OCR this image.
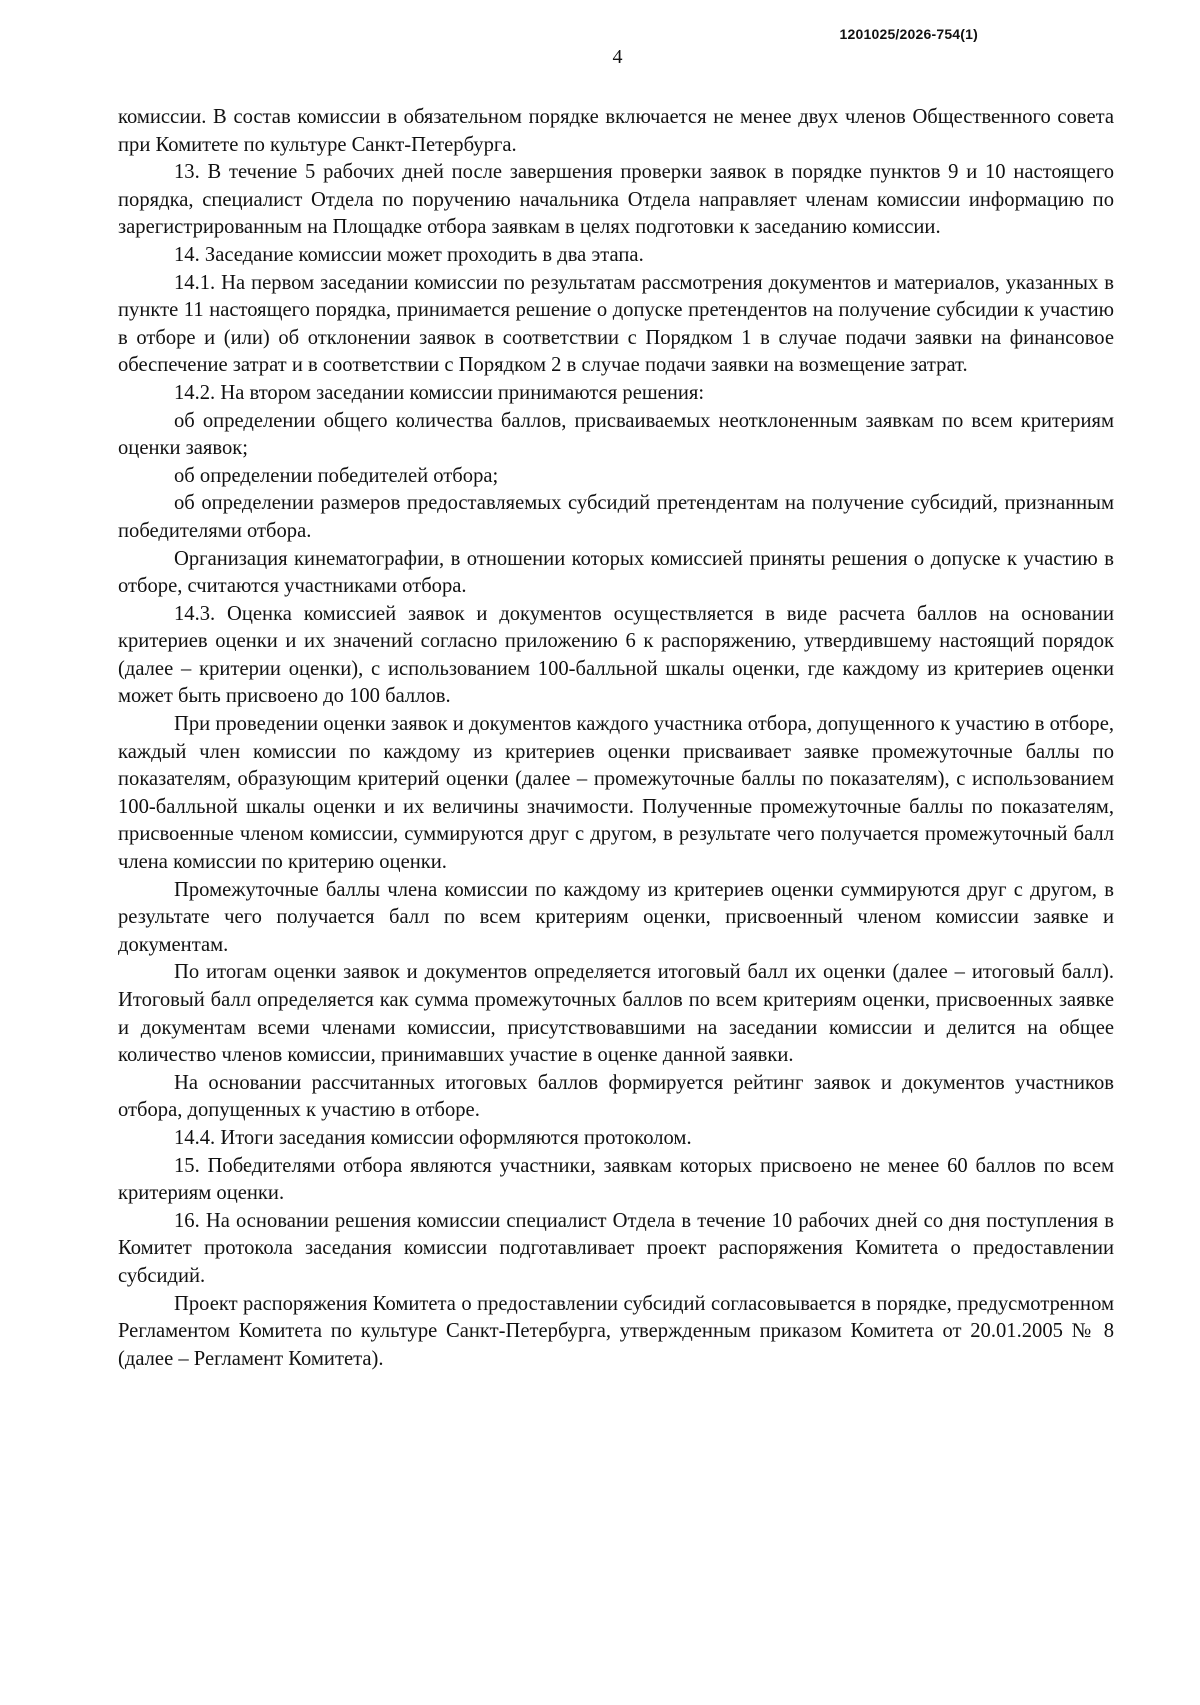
1201025/2026-754(1)
4

комиссии. В состав комиссии в обязательном порядке включается не менее двух членов Общественного совета при Комитете по культуре Санкт-Петербурга.

13. В течение 5 рабочих дней после завершения проверки заявок в порядке пунктов 9 и 10 настоящего порядка, специалист Отдела по поручению начальника Отдела направляет членам комиссии информацию по зарегистрированным на Площадке отбора заявкам в целях подготовки к заседанию комиссии.

14. Заседание комиссии может проходить в два этапа.

14.1. На первом заседании комиссии по результатам рассмотрения документов и материалов, указанных в пункте 11 настоящего порядка, принимается решение о допуске претендентов на получение субсидии к участию в отборе и (или) об отклонении заявок в соответствии с Порядком 1 в случае подачи заявки на финансовое обеспечение затрат и в соответствии с Порядком 2 в случае подачи заявки на возмещение затрат.

14.2. На втором заседании комиссии принимаются решения:

об определении общего количества баллов, присваиваемых неотклоненным заявкам по всем критериям оценки заявок;

об определении победителей отбора;

об определении размеров предоставляемых субсидий претендентам на получение субсидий, признанным победителями отбора.

Организация кинематографии, в отношении которых комиссией приняты решения о допуске к участию в отборе, считаются участниками отбора.

14.3. Оценка комиссией заявок и документов осуществляется в виде расчета баллов на основании критериев оценки и их значений согласно приложению 6 к распоряжению, утвердившему настоящий порядок (далее – критерии оценки), с использованием 100-балльной шкалы оценки, где каждому из критериев оценки может быть присвоено до 100 баллов.

При проведении оценки заявок и документов каждого участника отбора, допущенного к участию в отборе, каждый член комиссии по каждому из критериев оценки присваивает заявке промежуточные баллы по показателям, образующим критерий оценки (далее – промежуточные баллы по показателям), с использованием 100-балльной шкалы оценки и их величины значимости. Полученные промежуточные баллы по показателям, присвоенные членом комиссии, суммируются друг с другом, в результате чего получается промежуточный балл члена комиссии по критерию оценки.

Промежуточные баллы члена комиссии по каждому из критериев оценки суммируются друг с другом, в результате чего получается балл по всем критериям оценки, присвоенный членом комиссии заявке и документам.

По итогам оценки заявок и документов определяется итоговый балл их оценки (далее – итоговый балл). Итоговый балл определяется как сумма промежуточных баллов по всем критериям оценки, присвоенных заявке и документам всеми членами комиссии, присутствовавшими на заседании комиссии и делится на общее количество членов комиссии, принимавших участие в оценке данной заявки.

На основании рассчитанных итоговых баллов формируется рейтинг заявок и документов участников отбора, допущенных к участию в отборе.

14.4. Итоги заседания комиссии оформляются протоколом.

15. Победителями отбора являются участники, заявкам которых присвоено не менее 60 баллов по всем критериям оценки.

16. На основании решения комиссии специалист Отдела в течение 10 рабочих дней со дня поступления в Комитет протокола заседания комиссии подготавливает проект распоряжения Комитета о предоставлении субсидий.

Проект распоряжения Комитета о предоставлении субсидий согласовывается в порядке, предусмотренном Регламентом Комитета по культуре Санкт-Петербурга, утвержденным приказом Комитета от 20.01.2005 № 8 (далее – Регламент Комитета).
